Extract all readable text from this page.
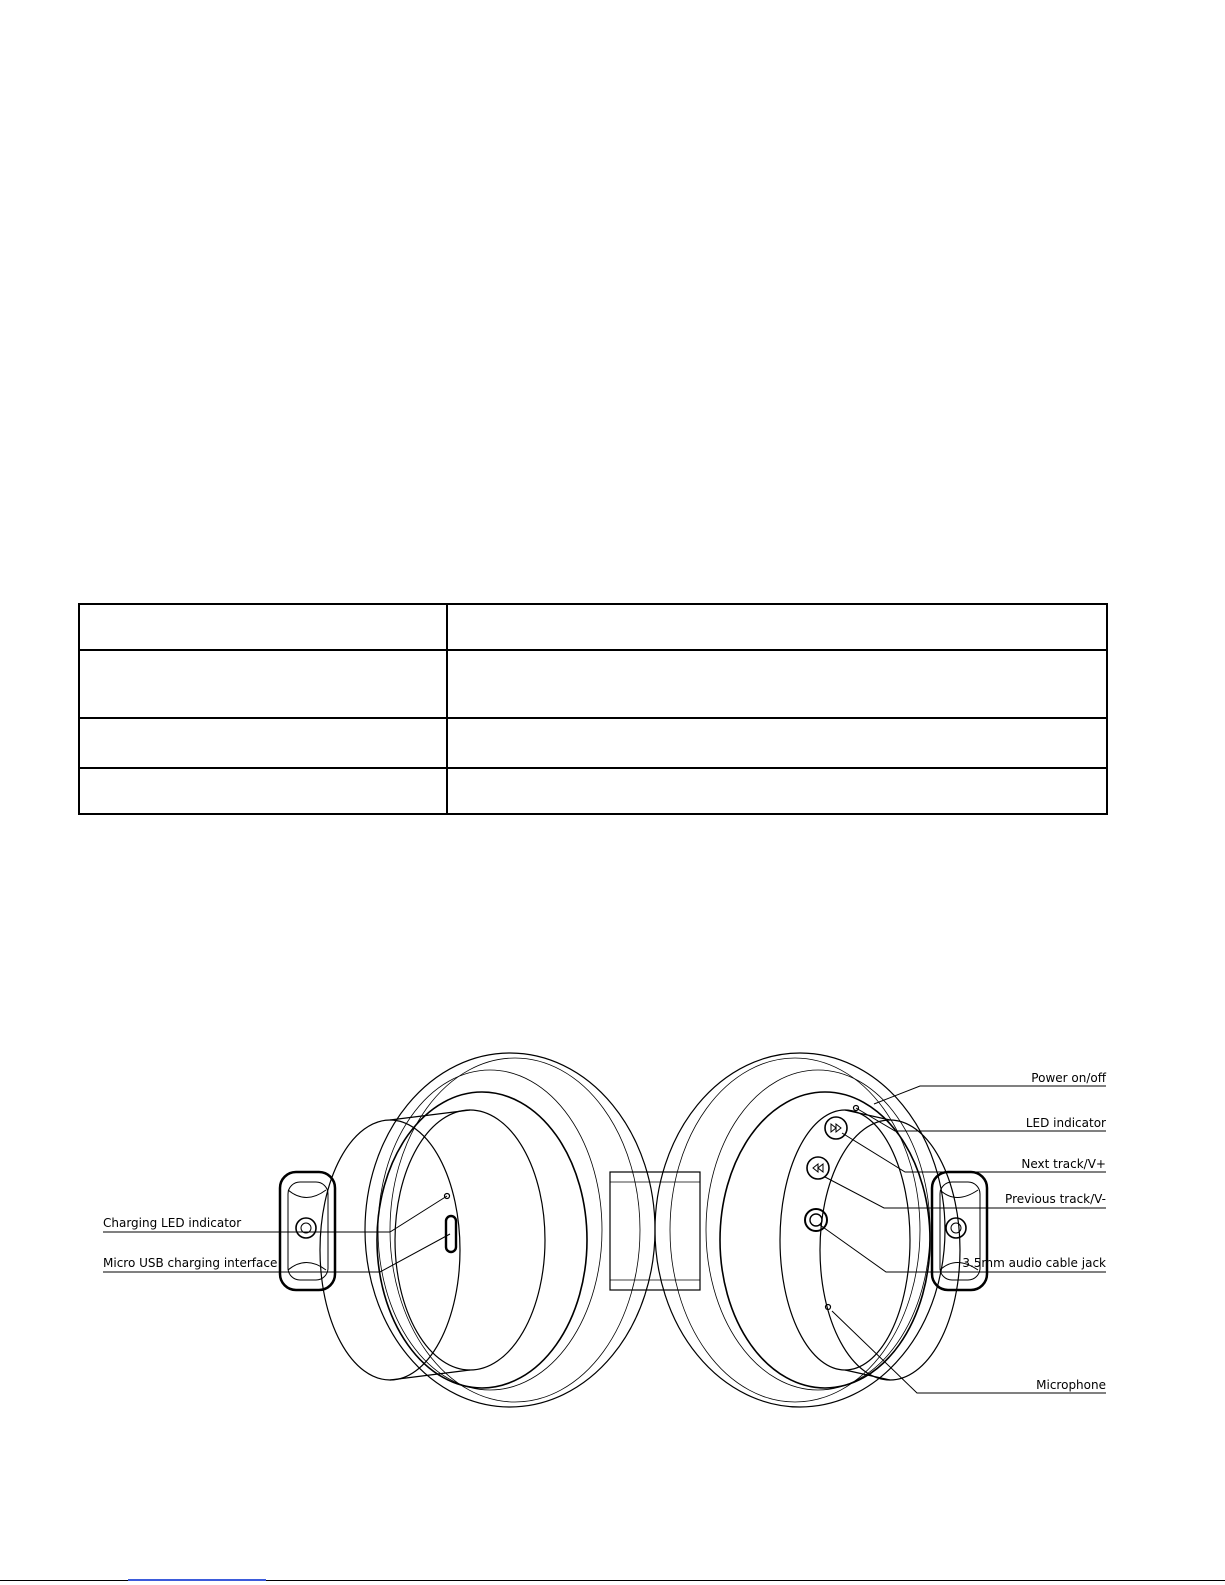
Power on/off
LED indicator
Next track/V+
Previous track/V-
3.5mm audio cable jack
Microphone
Charging LED indicator
Micro USB charging interface
